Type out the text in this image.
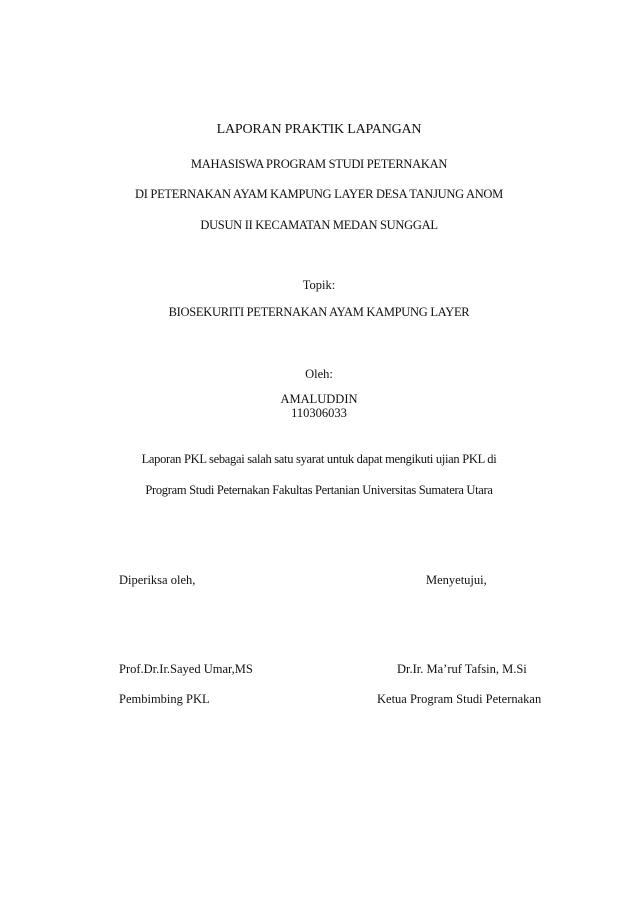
LAPORAN PRAKTIK LAPANGAN
MAHASISWA PROGRAM STUDI PETERNAKAN
DI PETERNAKAN AYAM KAMPUNG LAYER DESA TANJUNG ANOM
DUSUN II KECAMATAN MEDAN SUNGGAL
Topik:
BIOSEKURITI PETERNAKAN AYAM KAMPUNG LAYER
Oleh:
AMALUDDIN
110306033
Laporan PKL sebagai salah satu syarat untuk dapat mengikuti ujian PKL di
Program Studi Peternakan Fakultas Pertanian Universitas Sumatera Utara
Diperiksa oleh,	Menyetujui,
Prof.Dr.Ir.Sayed Umar,MS	Dr.Ir. Ma’ruf Tafsin, M.Si
Pembimbing PKL	Ketua Program Studi Peternakan
